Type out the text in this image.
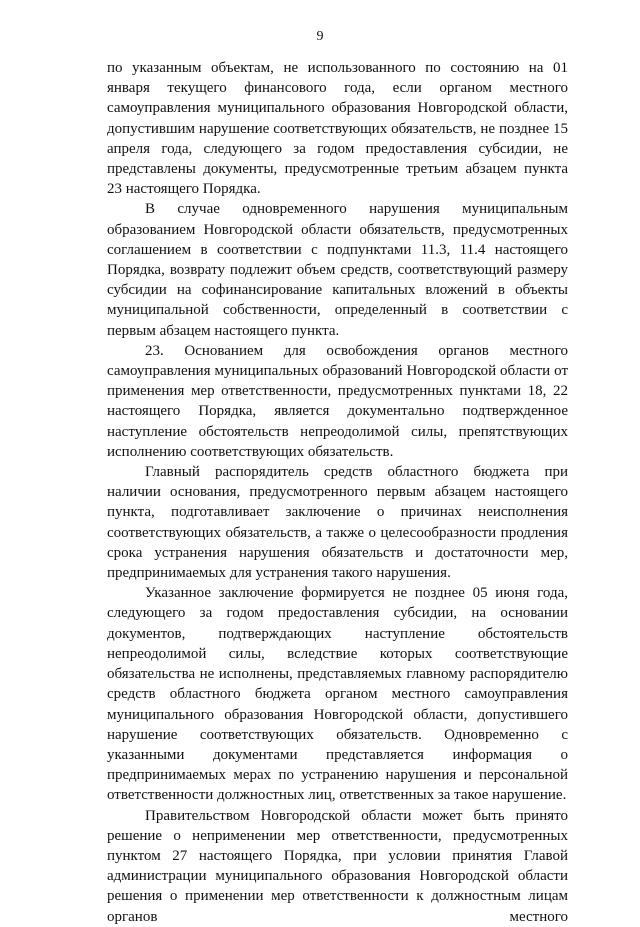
9

по указанным объектам, не использованного по состоянию на 01 января текущего финансового года, если органом местного самоуправления муниципального образования Новгородской области, допустившим нарушение соответствующих обязательств, не позднее 15 апреля года, следующего за годом предоставления субсидии, не представлены документы, предусмотренные третьим абзацем пункта 23 настоящего Порядка.

В случае одновременного нарушения муниципальным образованием Новгородской области обязательств, предусмотренных соглашением в соответствии с подпунктами 11.3, 11.4 настоящего Порядка, возврату подлежит объем средств, соответствующий размеру субсидии на софинансирование капитальных вложений в объекты муниципальной собственности, определенный в соответствии с первым абзацем настоящего пункта.

23. Основанием для освобождения органов местного самоуправления муниципальных образований Новгородской области от применения мер ответственности, предусмотренных пунктами 18, 22 настоящего Порядка, является документально подтвержденное наступление обстоятельств непреодолимой силы, препятствующих исполнению соответствующих обязательств.

Главный распорядитель средств областного бюджета при наличии основания, предусмотренного первым абзацем настоящего пункта, подготавливает заключение о причинах неисполнения соответствующих обязательств, а также о целесообразности продления срока устранения нарушения обязательств и достаточности мер, предпринимаемых для устранения такого нарушения.

Указанное заключение формируется не позднее 05 июня года, следующего за годом предоставления субсидии, на основании документов, подтверждающих наступление обстоятельств непреодолимой силы, вследствие которых соответствующие обязательства не исполнены, представляемых главному распорядителю средств областного бюджета органом местного самоуправления муниципального образования Новгородской области, допустившего нарушение соответствующих обязательств. Одновременно с указанными документами представляется информация о предпринимаемых мерах по устранению нарушения и персональной ответственности должностных лиц, ответственных за такое нарушение.

Правительством Новгородской области может быть принято решение о неприменении мер ответственности, предусмотренных пунктом 27 настоящего Порядка, при условии принятия Главой администрации муниципального образования Новгородской области решения о применении мер ответственности к должностным лицам органов местного
